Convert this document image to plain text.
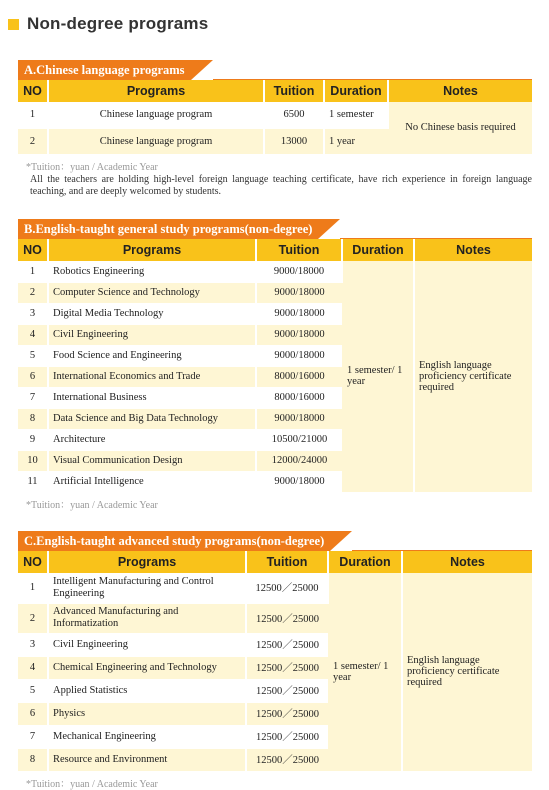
Non-degree programs
A.Chinese language programs
NO	Programs	Tuition	Duration	Notes
1	Chinese language program	6500	1 semester	No Chinese basis required
2	Chinese language program	13000	1 year	
*Tuition：yuan / Academic Year
All the teachers are holding high-level foreign language teaching certificate, have rich experience in foreign language teaching, and are deeply welcomed by students.
B.English-taught general study programs(non-degree)
NO	Programs	Tuition	Duration	Notes
1	Robotics Engineering	9000/18000	1 semester/ 1 year	English language proficiency certificate required
2	Computer Science and Technology	9000/18000		
3	Digital Media Technology	9000/18000		
4	Civil Engineering	9000/18000		
5	Food Science and Engineering	9000/18000		
6	International Economics and Trade	8000/16000		
7	International Business	8000/16000		
8	Data Science and Big Data Technology	9000/18000		
9	Architecture	10500/21000		
10	Visual Communication Design	12000/24000		
11	Artificial Intelligence	9000/18000		
*Tuition：yuan / Academic Year
C.English-taught advanced study programs(non-degree)
NO	Programs	Tuition	Duration	Notes
1	Intelligent Manufacturing and Control Engineering	12500／25000	1 semester/ 1 year	English language proficiency certificate required
2	Advanced Manufacturing and Informatization	12500／25000		
3	Civil Engineering	12500／25000		
4	Chemical Engineering and Technology	12500／25000		
5	Applied Statistics	12500／25000		
6	Physics	12500／25000		
7	Mechanical Engineering	12500／25000		
8	Resource and Environment	12500／25000		
*Tuition：yuan / Academic Year
